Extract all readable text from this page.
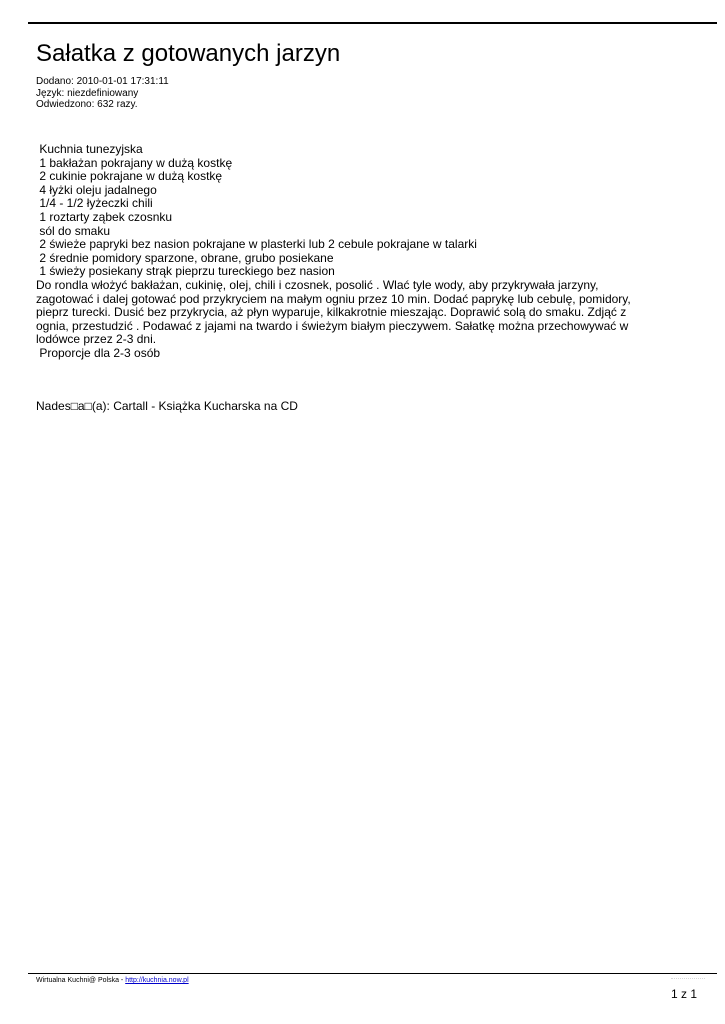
Sałatka z gotowanych jarzyn
Dodano: 2010-01-01 17:31:11
Język: niezdefiniowany
Odwiedzono: 632 razy.
Kuchnia tunezyjska
1 bakłażan pokrajany w dużą kostkę
2 cukinie pokrajane w dużą kostkę
4 łyżki oleju jadalnego
1/4 - 1/2 łyżeczki chili
1 roztarty ząbek czosnku
sól do smaku
2 świeże papryki bez nasion pokrajane w plasterki lub 2 cebule pokrajane w talarki
2 średnie pomidory sparzone, obrane, grubo posiekane
1 świeży posiekany strąk pieprzu tureckiego bez nasion
Do rondla włożyć bakłażan, cukinię, olej, chili i czosnek, posolić . Wlać tyle wody, aby przykrywała jarzyny, zagotować i dalej gotować pod przykryciem na małym ogniu przez 10 min. Dodać paprykę lub cebulę, pomidory, pieprz turecki. Dusić bez przykrycia, aż płyn wyparuje, kilkakrotnie mieszając. Doprawić solą do smaku. Zdjąć z ognia, przestudzić . Podawać z jajami na twardo i świeżym białym pieczywem. Sałatkę można przechowywać w lodówce przez 2-3 dni.
Proporcje dla 2-3 osób
Nades□a□(a): Cartall - Książka Kucharska na CD
Wirtualna Kuchni@ Polska - http://kuchnia.now.pl
1 z 1
